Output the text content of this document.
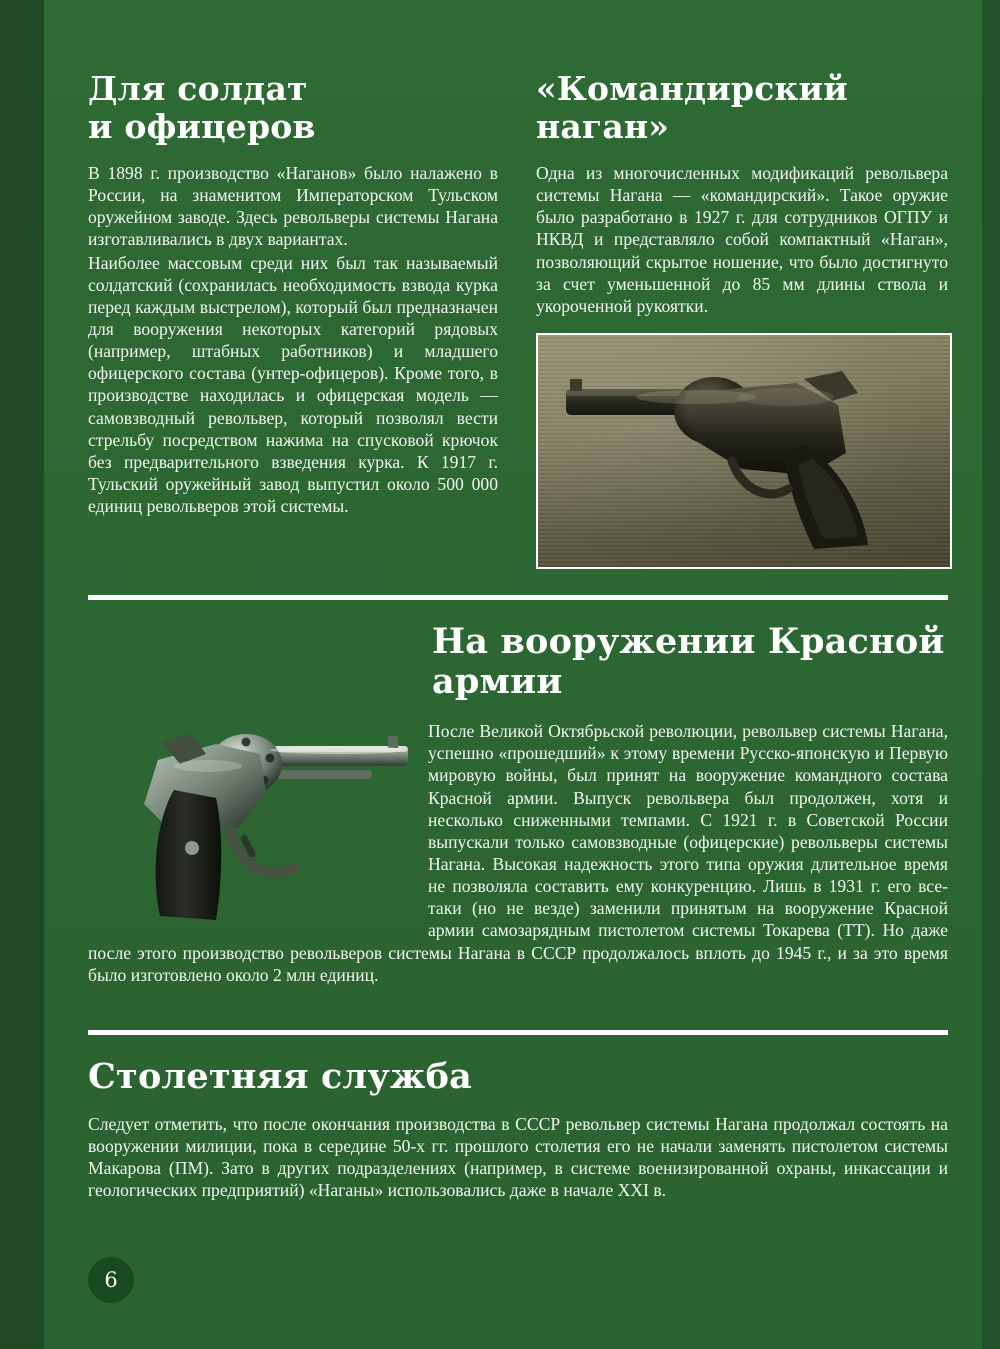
Для солдат
и офицеров

В 1898 г. производство «Наганов» было налажено в России, на знаменитом Императорском Тульском оружейном заводе. Здесь револьверы системы Нагана изготавливались в двух вариантах.

Наиболее массовым среди них был так называемый солдатский (сохранилась необходимость взвода курка перед каждым выстрелом), который был предназначен для вооружения некоторых категорий рядовых (например, штабных работников) и младшего офицерского состава (унтер-офицеров). Кроме того, в производстве находилась и офицерская модель — самовзводный револьвер, который позволял вести стрельбу посредством нажима на спусковой крючок без предварительного взведения курка. К 1917 г. Тульский оружейный завод выпустил около 500 000 единиц револьверов этой системы.

«Командирский
наган»

Одна из многочисленных модификаций револьвера системы Нагана — «командирский». Такое оружие было разработано в 1927 г. для сотрудников ОГПУ и НКВД и представляло собой компактный «Наган», позволяющий скрытое ношение, что было достигнуто за счет уменьшенной до 85 мм длины ствола и укороченной рукоятки.

На вооружении Красной
армии

После Великой Октябрьской революции, револьвер системы Нагана, успешно «прошедший» к этому времени Русско-японскую и Первую мировую войны, был принят на вооружение командного состава Красной армии. Выпуск револьвера был продолжен, хотя и несколько сниженными темпами. С 1921 г. в Советской России выпускали только самовзводные (офицерские) револьверы системы Нагана. Высокая надежность этого типа оружия длительное время не позволяла составить ему конкуренцию. Лишь в 1931 г. его все-таки (но не везде) заменили принятым на вооружение Красной армии самозарядным пистолетом системы Токарева (ТТ). Но даже после этого производство револьверов системы Нагана в СССР продолжалось вплоть до 1945 г., и за это время было изготовлено около 2 млн единиц.

Столетняя служба

Следует отметить, что после окончания производства в СССР револьвер системы Нагана продолжал состоять на вооружении милиции, пока в середине 50-х гг. прошлого столетия его не начали заменять пистолетом системы Макарова (ПМ). Зато в других подразделениях (например, в системе военизированной охраны, инкассации и геологических предприятий) «Наганы» использовались даже в начале XXI в.

6
